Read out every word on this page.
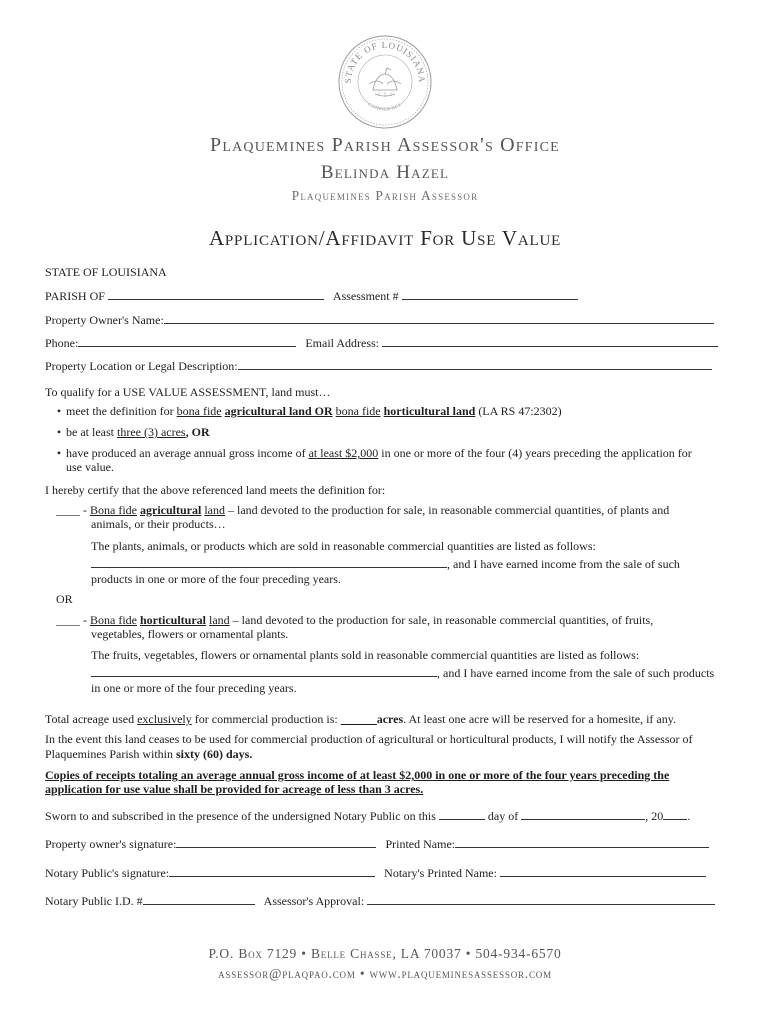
STATE OF LOUISIANA
CONFIDENCE
Plaquemines Parish Assessor's Office
Belinda Hazel
Plaquemines Parish Assessor
Application/Affidavit For Use Value
STATE OF LOUISIANA
PARISH OF	Assessment #
Property Owner's Name:
Phone:	Email Address:
Property Location or Legal Description:
To qualify for a USE VALUE ASSESSMENT, land must…
• meet the definition for bona fide agricultural land OR bona fide horticultural land (LA RS 47:2302)
• be at least three (3) acres, OR
• have produced an average annual gross income of at least $2,000 in one or more of the four (4) years preceding the application for
use value.
I hereby certify that the above referenced land meets the definition for:
____ - Bona fide agricultural land – land devoted to the production for sale, in reasonable commercial quantities, of plants and
animals, or their products…
The plants, animals, or products which are sold in reasonable commercial quantities are listed as follows:
, and I have earned income from the sale of such
products in one or more of the four preceding years.
OR
____ - Bona fide horticultural land – land devoted to the production for sale, in reasonable commercial quantities, of fruits,
vegetables, flowers or ornamental plants.
The fruits, vegetables, flowers or ornamental plants sold in reasonable commercial quantities are listed as follows:
, and I have earned income from the sale of such products
in one or more of the four preceding years.
Total acreage used exclusively for commercial production is: ______acres. At least one acre will be reserved for a homesite, if any.
In the event this land ceases to be used for commercial production of agricultural or horticultural products, I will notify the Assessor of
Plaquemines Parish within sixty (60) days.
Copies of receipts totaling an average annual gross income of at least $2,000 in one or more of the four years preceding the
application for use value shall be provided for acreage of less than 3 acres.
Sworn to and subscribed in the presence of the undersigned Notary Public on this	day of	, 20 .
Property owner's signature:	Printed Name:
Notary Public's signature:	Notary's Printed Name:
Notary Public I.D. #	Assessor's Approval:
P.O. Box 7129 • Belle Chasse, LA 70037 • 504-934-6570
assessor@plaqpao.com • www.plaqueminesassessor.com
